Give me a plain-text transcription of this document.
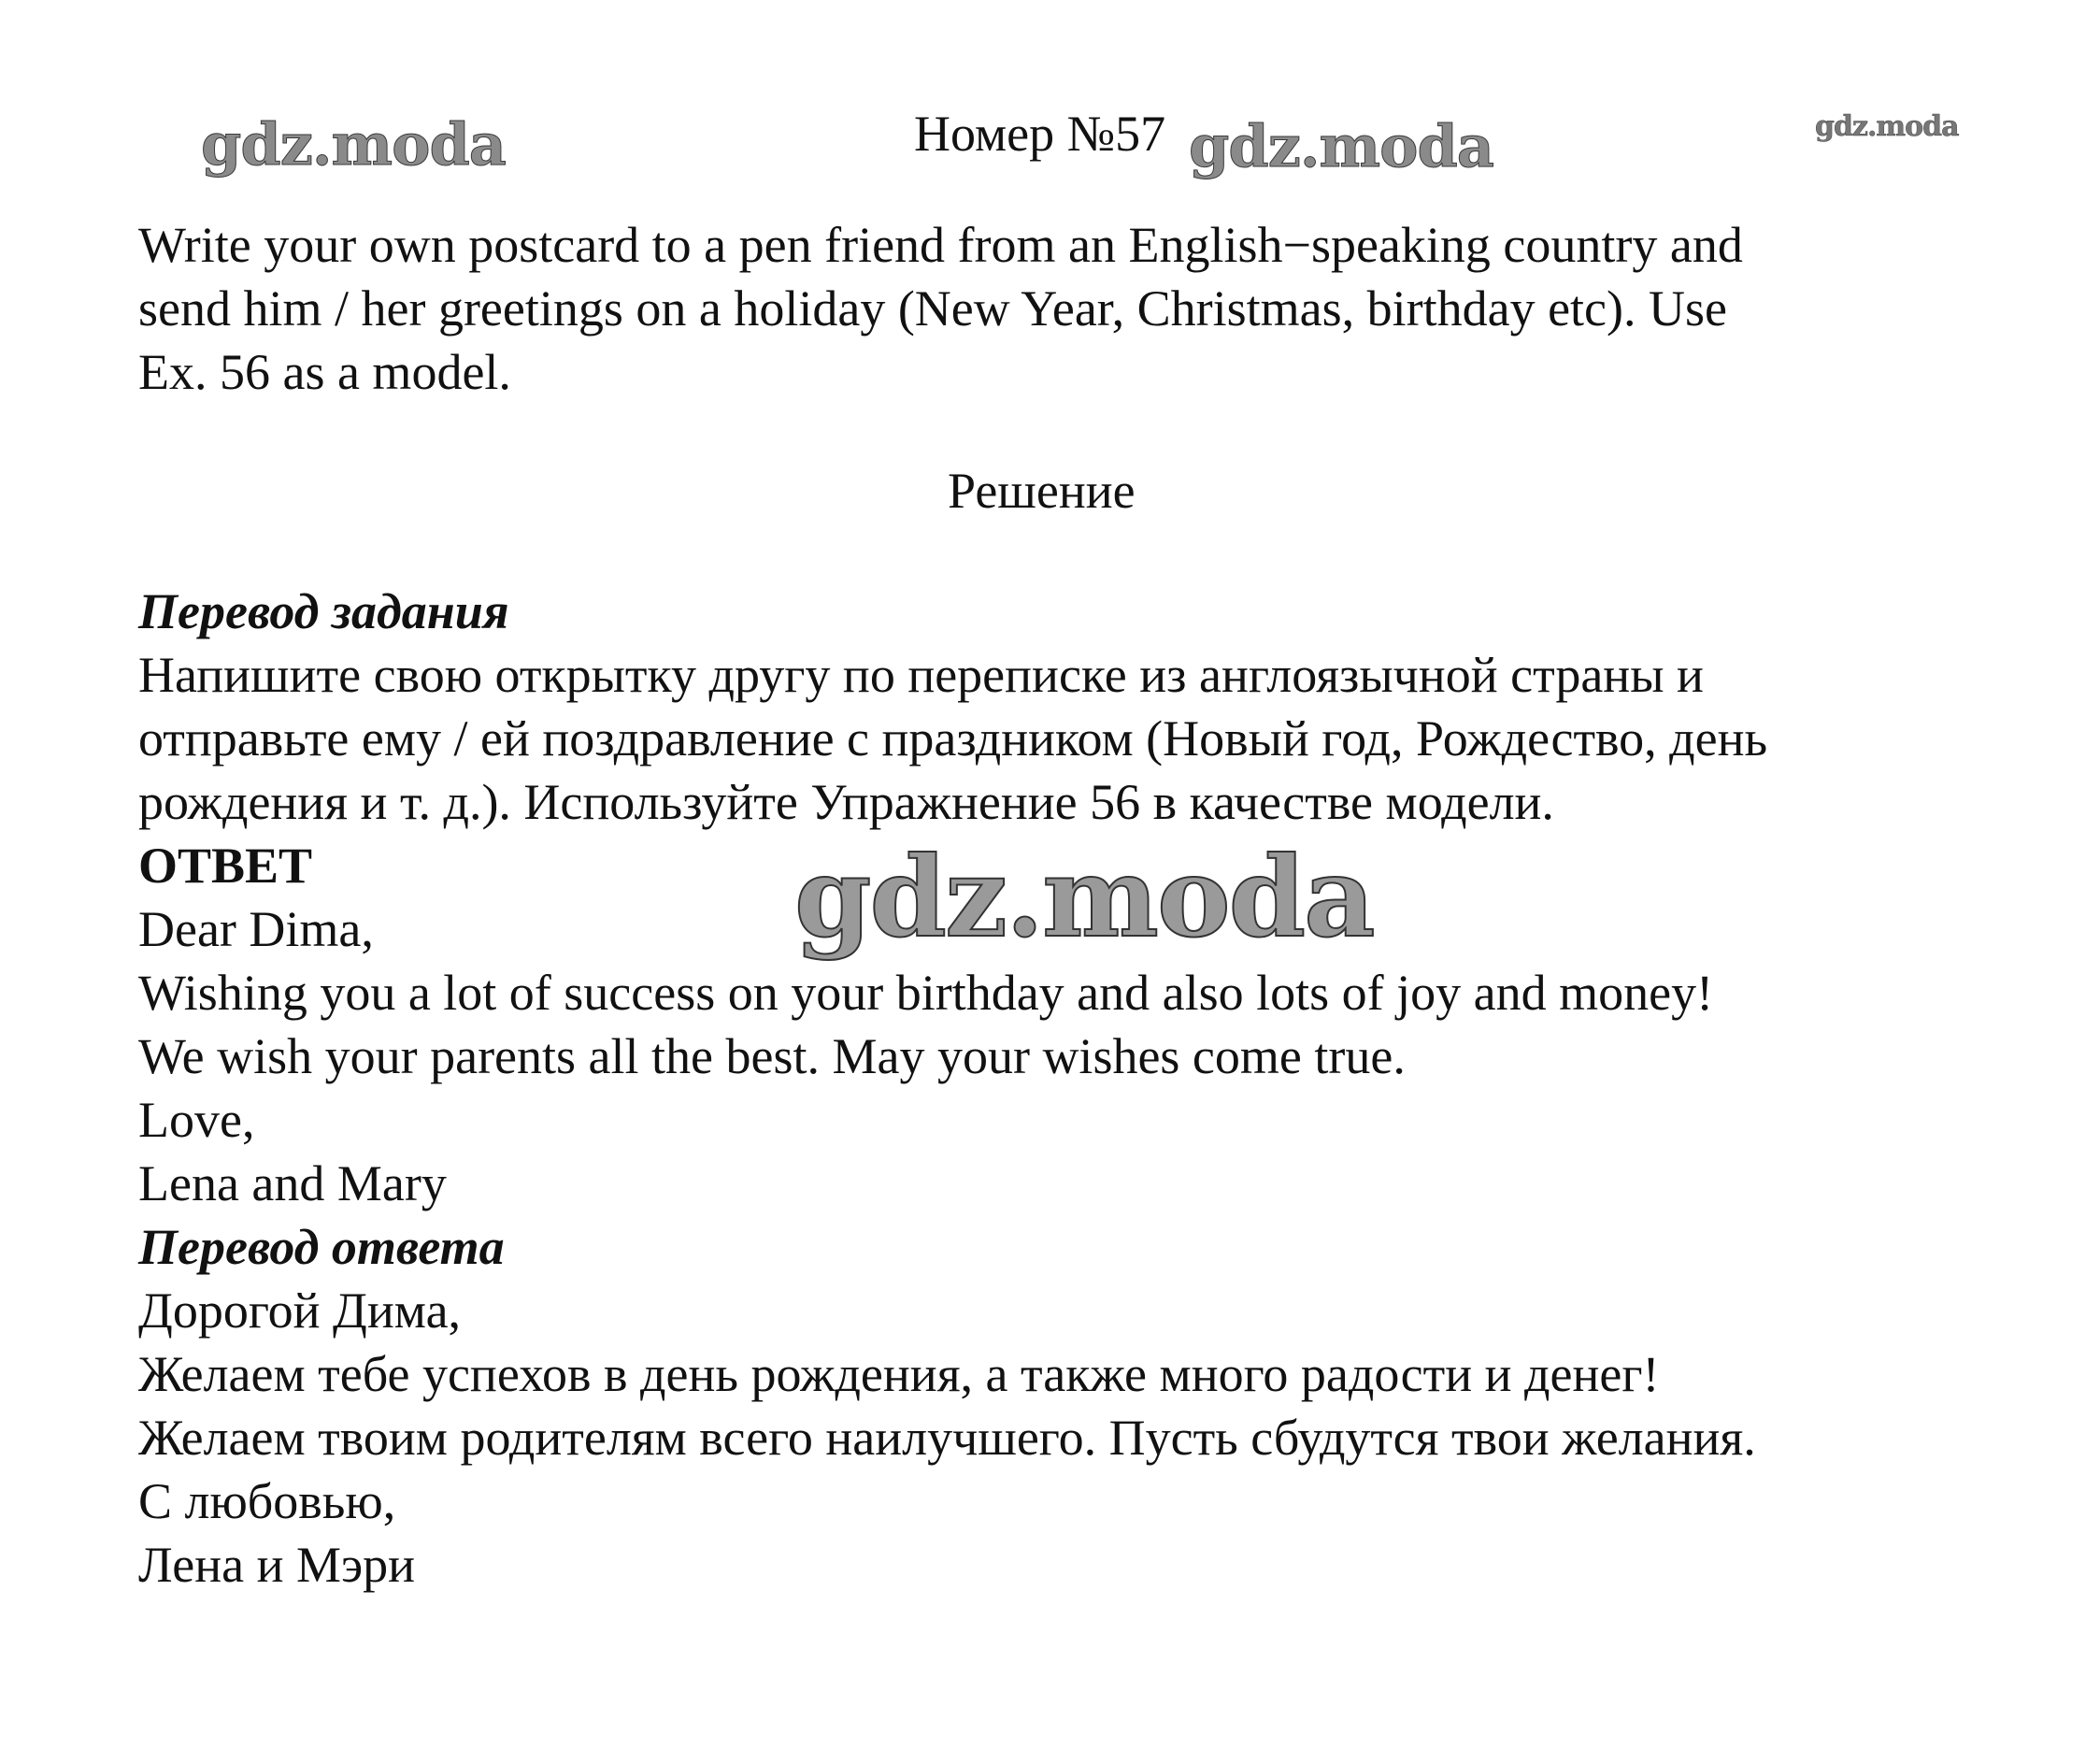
gdz.moda	gdz.moda	gdz.moda
gdz.moda
Номер №57
Write your own postcard to a pen friend from an English−speaking country and
send him / her greetings on a holiday (New Year, Christmas, birthday etc). Use
Ex. 56 as a model.
Решение
Перевод задания
Напишите свою открытку другу по переписке из англоязычной страны и
отправьте ему / ей поздравление с праздником (Новый год, Рождество, день
рождения и т. д.). Используйте Упражнение 56 в качестве модели.
ОТВЕТ
Dear Dima,
Wishing you a lot of success on your birthday and also lots of joy and money!
We wish your parents all the best. May your wishes come true.
Love,
Lena and Mary
Перевод ответа
Дорогой Дима,
Желаем тебе успехов в день рождения, а также много радости и денег!
Желаем твоим родителям всего наилучшего. Пусть сбудутся твои желания.
С любовью,
Лена и Мэри
